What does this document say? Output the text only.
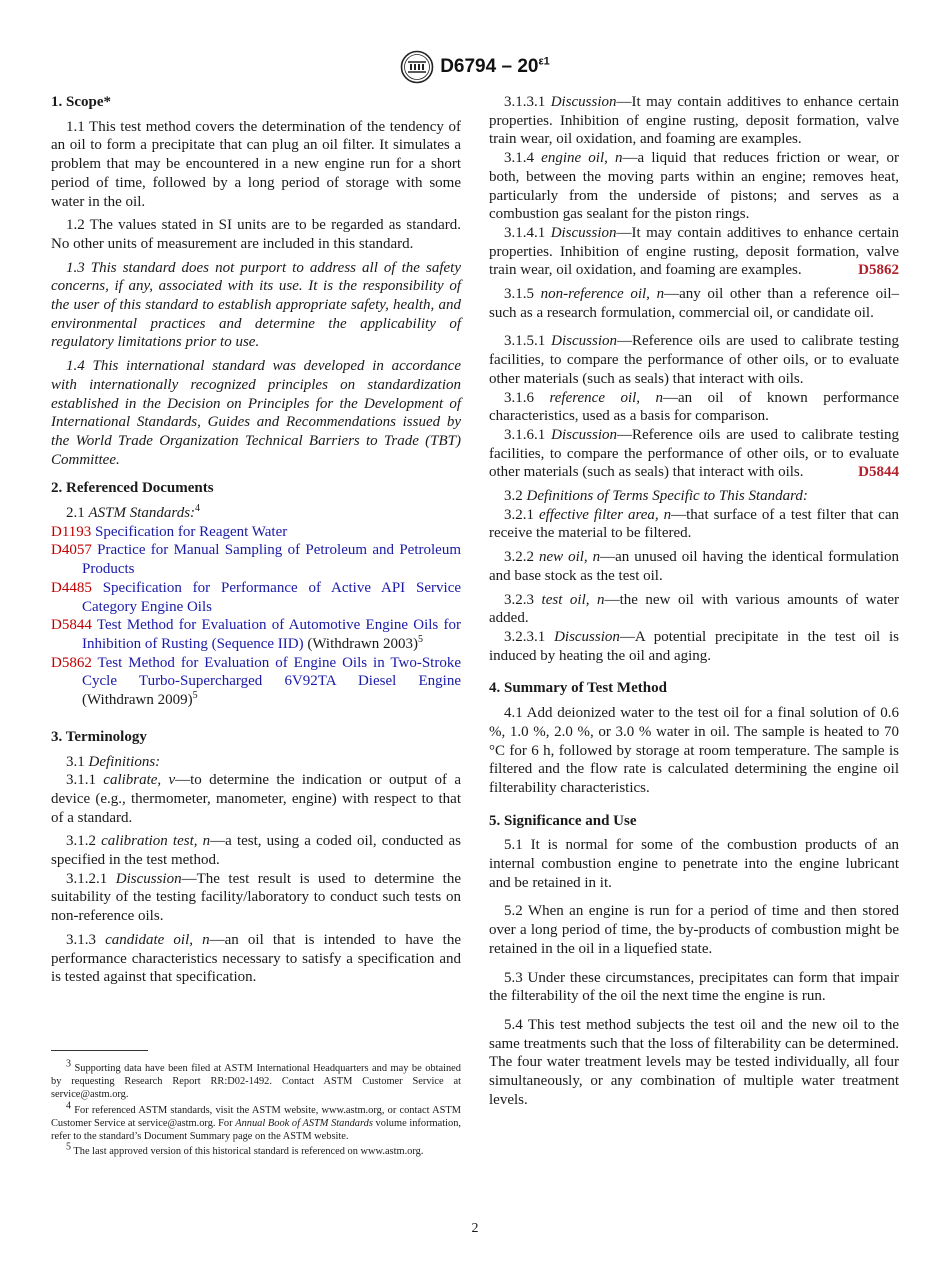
$D6794 - 20^{\varepsilon 1}$
1. Scope*

1.1 This test method covers the determination of the tendency of an oil to form a precipitate that can plug an oil filter. It simulates a problem that may be encountered in a new engine run for a short period of time, followed by a long period of storage with some water in the oil.

1.2 The values stated in SI units are to be regarded as standard. No other units of measurement are included in this standard.

1.3 This standard does not purport to address all of the safety concerns, if any, associated with its use. It is the responsibility of the user of this standard to establish appropriate safety, health, and environmental practices and determine the applicability of regulatory limitations prior to use.

1.4 This international standard was developed in accordance with internationally recognized principles on standardization established in the Decision on Principles for the Development of International Standards, Guides and Recommendations issued by the World Trade Organization Technical Barriers to Trade (TBT) Committee.

2. Referenced Documents

2.1 ASTM Standards:$^4$

D1193 Specification for Reagent Water
D4057 Practice for Manual Sampling of Petroleum and Petroleum Products
D4485 Specification for Performance of Active API Service Category Engine Oils
D5844 Test Method for Evaluation of Automotive Engine Oils for Inhibition of Rusting (Sequence IID) (Withdrawn 2003)$^5$
D5862 Test Method for Evaluation of Engine Oils in Two-Stroke Cycle Turbo-Supercharged 6V92TA Diesel Engine (Withdrawn 2009)$^5$
3. Terminology

3.1 Definitions:

3.1.1 calibrate, v—to determine the indication or output of a device (e.g., thermometer, manometer, engine) with respect to that of a standard.

3.1.2 calibration test, n—a test, using a coded oil, conducted as specified in the test method.

3.1.2.1 Discussion—The test result is used to determine the suitability of the testing facility/laboratory to conduct such tests on non-reference oils.

3.1.3 candidate oil, n—an oil that is intended to have the performance characteristics necessary to satisfy a specification and is tested against that specification.

$^3$ Supporting data have been filed at ASTM International Headquarters and may be obtained by requesting Research Report RR:D02-1492. Contact ASTM Customer Service at service@astm.org.

$^4$ For referenced ASTM standards, visit the ASTM website, www.astm.org, or contact ASTM Customer Service at service@astm.org. For Annual Book of ASTM Standards volume information, refer to the standard’s Document Summary page on the ASTM website.

$^5$ The last approved version of this historical standard is referenced on www.astm.org.

3.1.3.1 Discussion—It may contain additives to enhance certain properties. Inhibition of engine rusting, deposit formation, valve train wear, oil oxidation, and foaming are examples.

3.1.4 engine oil, n—a liquid that reduces friction or wear, or both, between the moving parts within an engine; removes heat, particularly from the underside of pistons; and serves as a combustion gas sealant for the piston rings.

3.1.4.1 Discussion—It may contain additives to enhance certain properties. Inhibition of engine rusting, deposit formation, valve train wear, oil oxidation, and foaming are examples.	D5862

3.1.5 non-reference oil, n—any oil other than a reference oil–such as a research formulation, commercial oil, or candidate oil.

3.1.5.1 Discussion—Reference oils are used to calibrate testing facilities, to compare the performance of other oils, or to evaluate other materials (such as seals) that interact with oils.

3.1.6 reference oil, n—an oil of known performance characteristics, used as a basis for comparison.

3.1.6.1 Discussion—Reference oils are used to calibrate testing facilities, to compare the performance of other oils, or to evaluate other materials (such as seals) that interact with oils.	D5844

3.2 Definitions of Terms Specific to This Standard:

3.2.1 effective filter area, n—that surface of a test filter that can receive the material to be filtered.

3.2.2 new oil, n—an unused oil having the identical formulation and base stock as the test oil.

3.2.3 test oil, n—the new oil with various amounts of water added.

3.2.3.1 Discussion—A potential precipitate in the test oil is induced by heating the oil and aging.

4. Summary of Test Method

4.1 Add deionized water to the test oil for a final solution of 0.6 %, 1.0 %, 2.0 %, or 3.0 % water in oil. The sample is heated to 70 °C for 6 h, followed by storage at room temperature. The sample is filtered and the flow rate is calculated determining the engine oil filterability characteristics.

5. Significance and Use

5.1 It is normal for some of the combustion products of an internal combustion engine to penetrate into the engine lubricant and be retained in it.

5.2 When an engine is run for a period of time and then stored over a long period of time, the by-products of combustion might be retained in the oil in a liquefied state.

5.3 Under these circumstances, precipitates can form that impair the filterability of the oil the next time the engine is run.

5.4 This test method subjects the test oil and the new oil to the same treatments such that the loss of filterability can be determined. The four water treatment levels may be tested individually, all four simultaneously, or any combination of multiple water treatment levels.

2
